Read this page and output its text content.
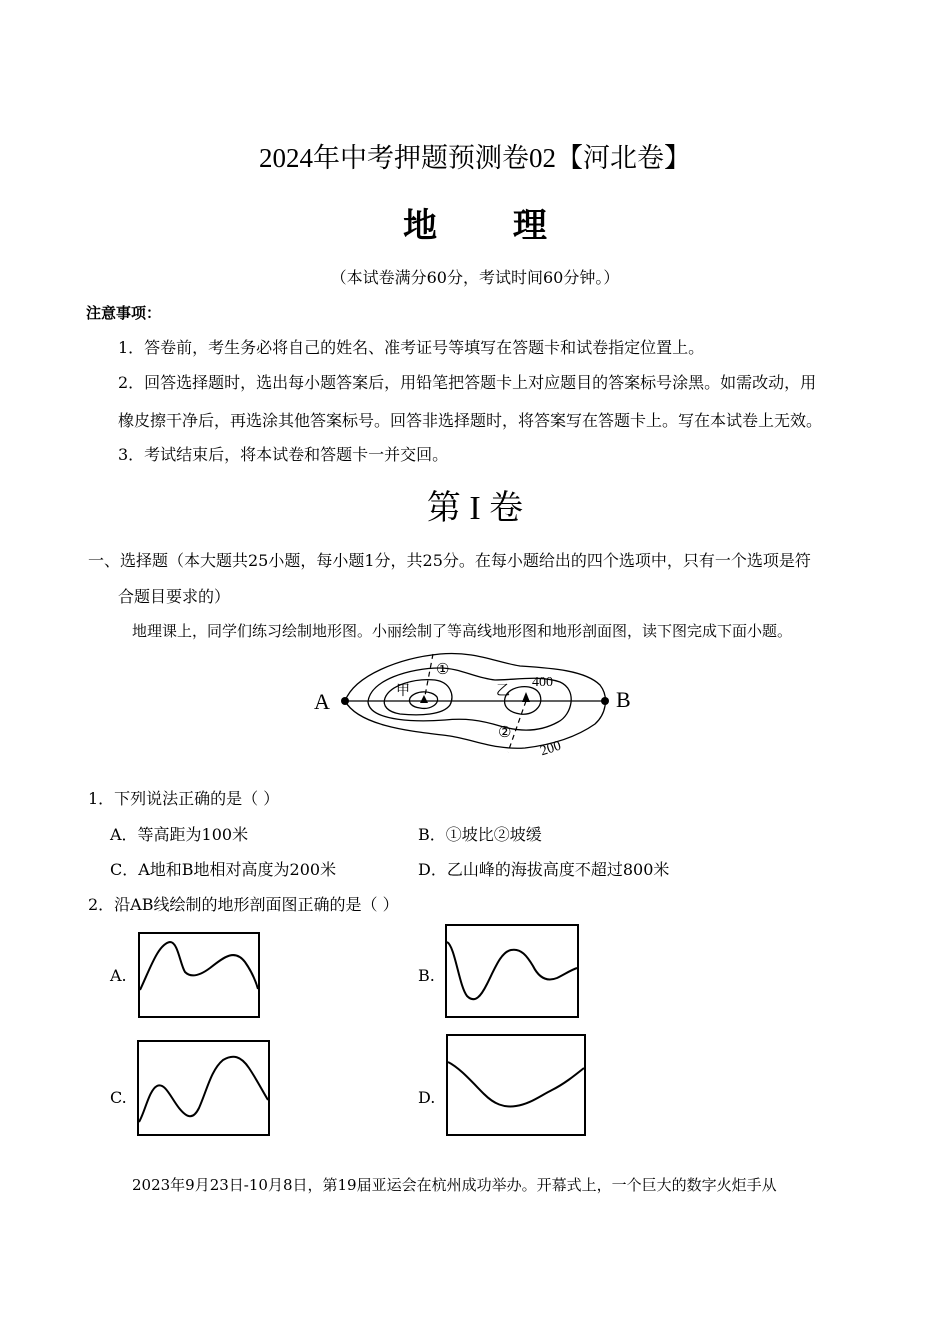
2024年中考押题预测卷02【河北卷】
地 理
（本试卷满分60分，考试时间60分钟。）
注意事项：
1．答卷前，考生务必将自己的姓名、准考证号等填写在答题卡和试卷指定位置上。
2．回答选择题时，选出每小题答案后，用铅笔把答题卡上对应题目的答案标号涂黑。如需改动，用
橡皮擦干净后，再选涂其他答案标号。回答非选择题时，将答案写在答题卡上。写在本试卷上无效。
3．考试结束后，将本试卷和答题卡一并交回。
第 I 卷
一、选择题（本大题共25小题，每小题1分，共25分。在每小题给出的四个选项中，只有一个选项是符
合题目要求的）
地理课上，同学们练习绘制地形图。小丽绘制了等高线地形图和地形剖面图，读下图完成下面小题。
A	B
甲	乙
①
②
400
200
1．下列说法正确的是（ ）
A．等高距为100米	B．①坡比②坡缓
C．A地和B地相对高度为200米	D．乙山峰的海拔高度不超过800米
2．沿AB线绘制的地形剖面图正确的是（ ）
A.	B.
C.	D.
2023年9月23日-10月8日，第19届亚运会在杭州成功举办。开幕式上，一个巨大的数字火炬手从
